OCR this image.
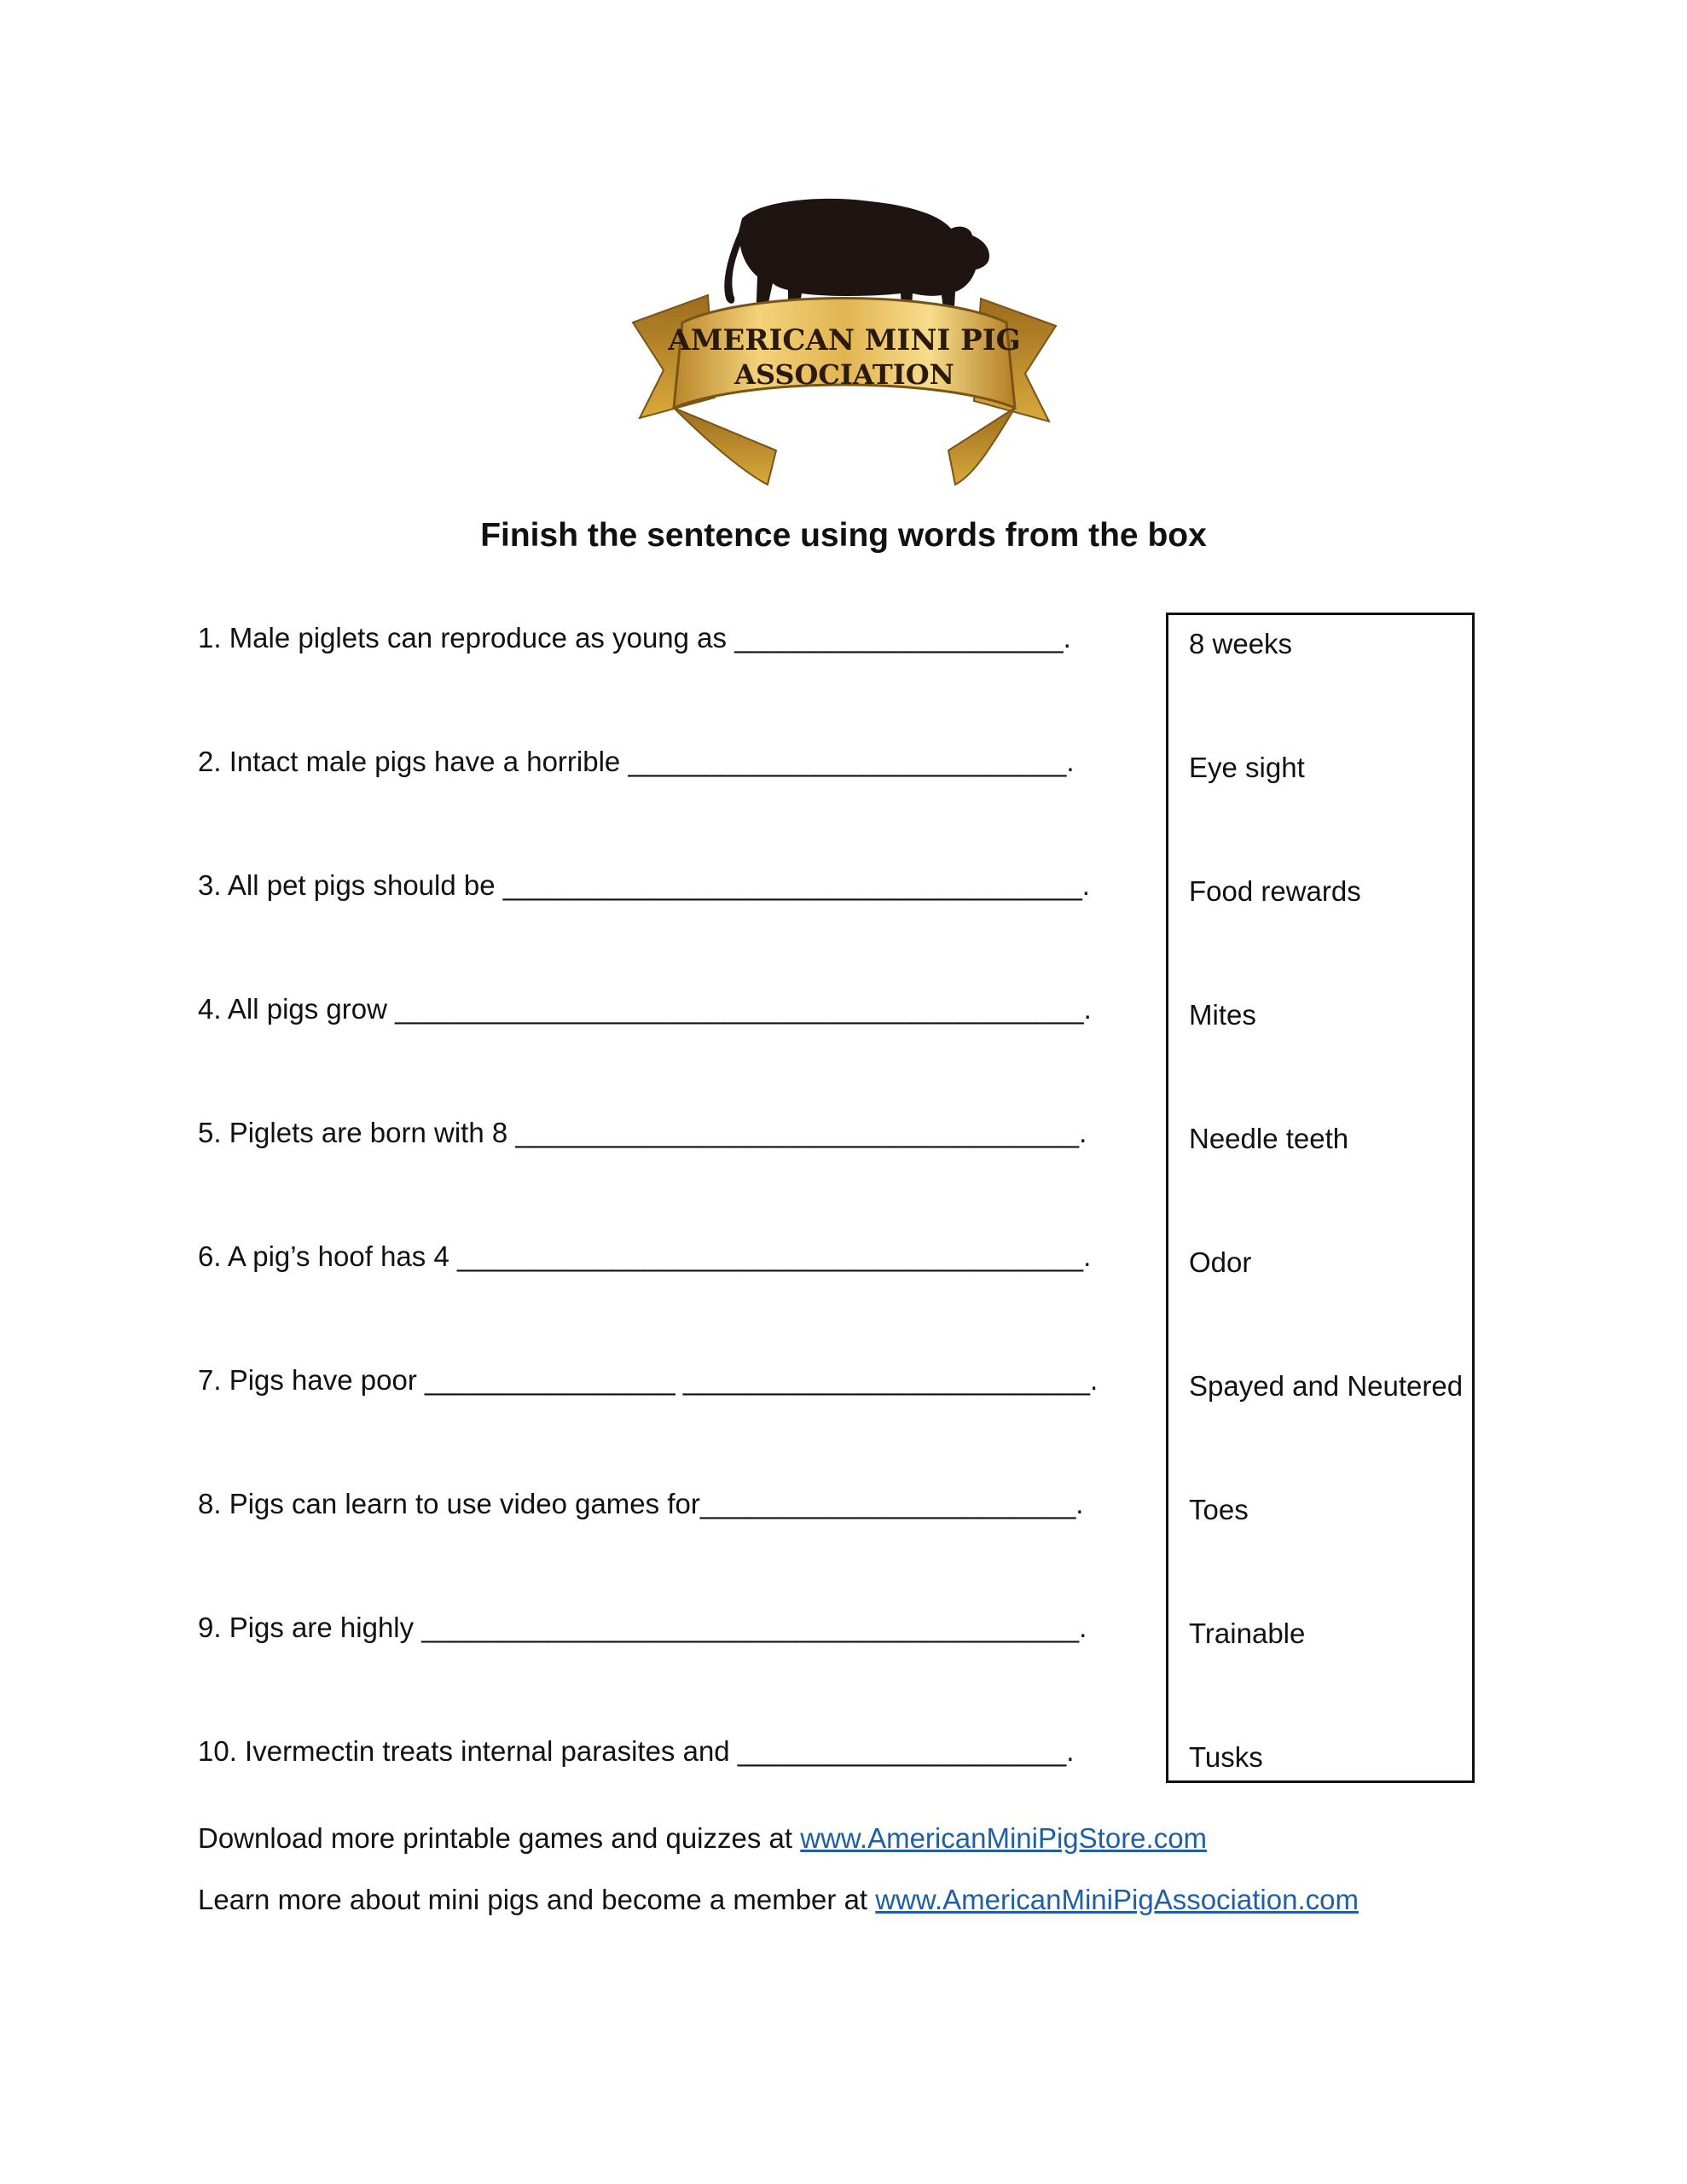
AMERICAN MINI PIG
ASSOCIATION
Finish the sentence using words from the box
1. Male piglets can reproduce as young as _____________________.
2. Intact male pigs have a horrible ____________________________.
3. All pet pigs should be _____________________________________.
4. All pigs grow ____________________________________________.
5. Piglets are born with 8 ____________________________________.
6. A pig’s hoof has 4 ________________________________________.
7. Pigs have poor ________________ __________________________.
8. Pigs can learn to use video games for________________________.
9. Pigs are highly __________________________________________.
10. Ivermectin treats internal parasites and _____________________.
8 weeks
Eye sight
Food rewards
Mites
Needle teeth
Odor
Spayed and Neutered
Toes
Trainable
Tusks
Download more printable games and quizzes at www.AmericanMiniPigStore.com
Learn more about mini pigs and become a member at www.AmericanMiniPigAssociation.com
